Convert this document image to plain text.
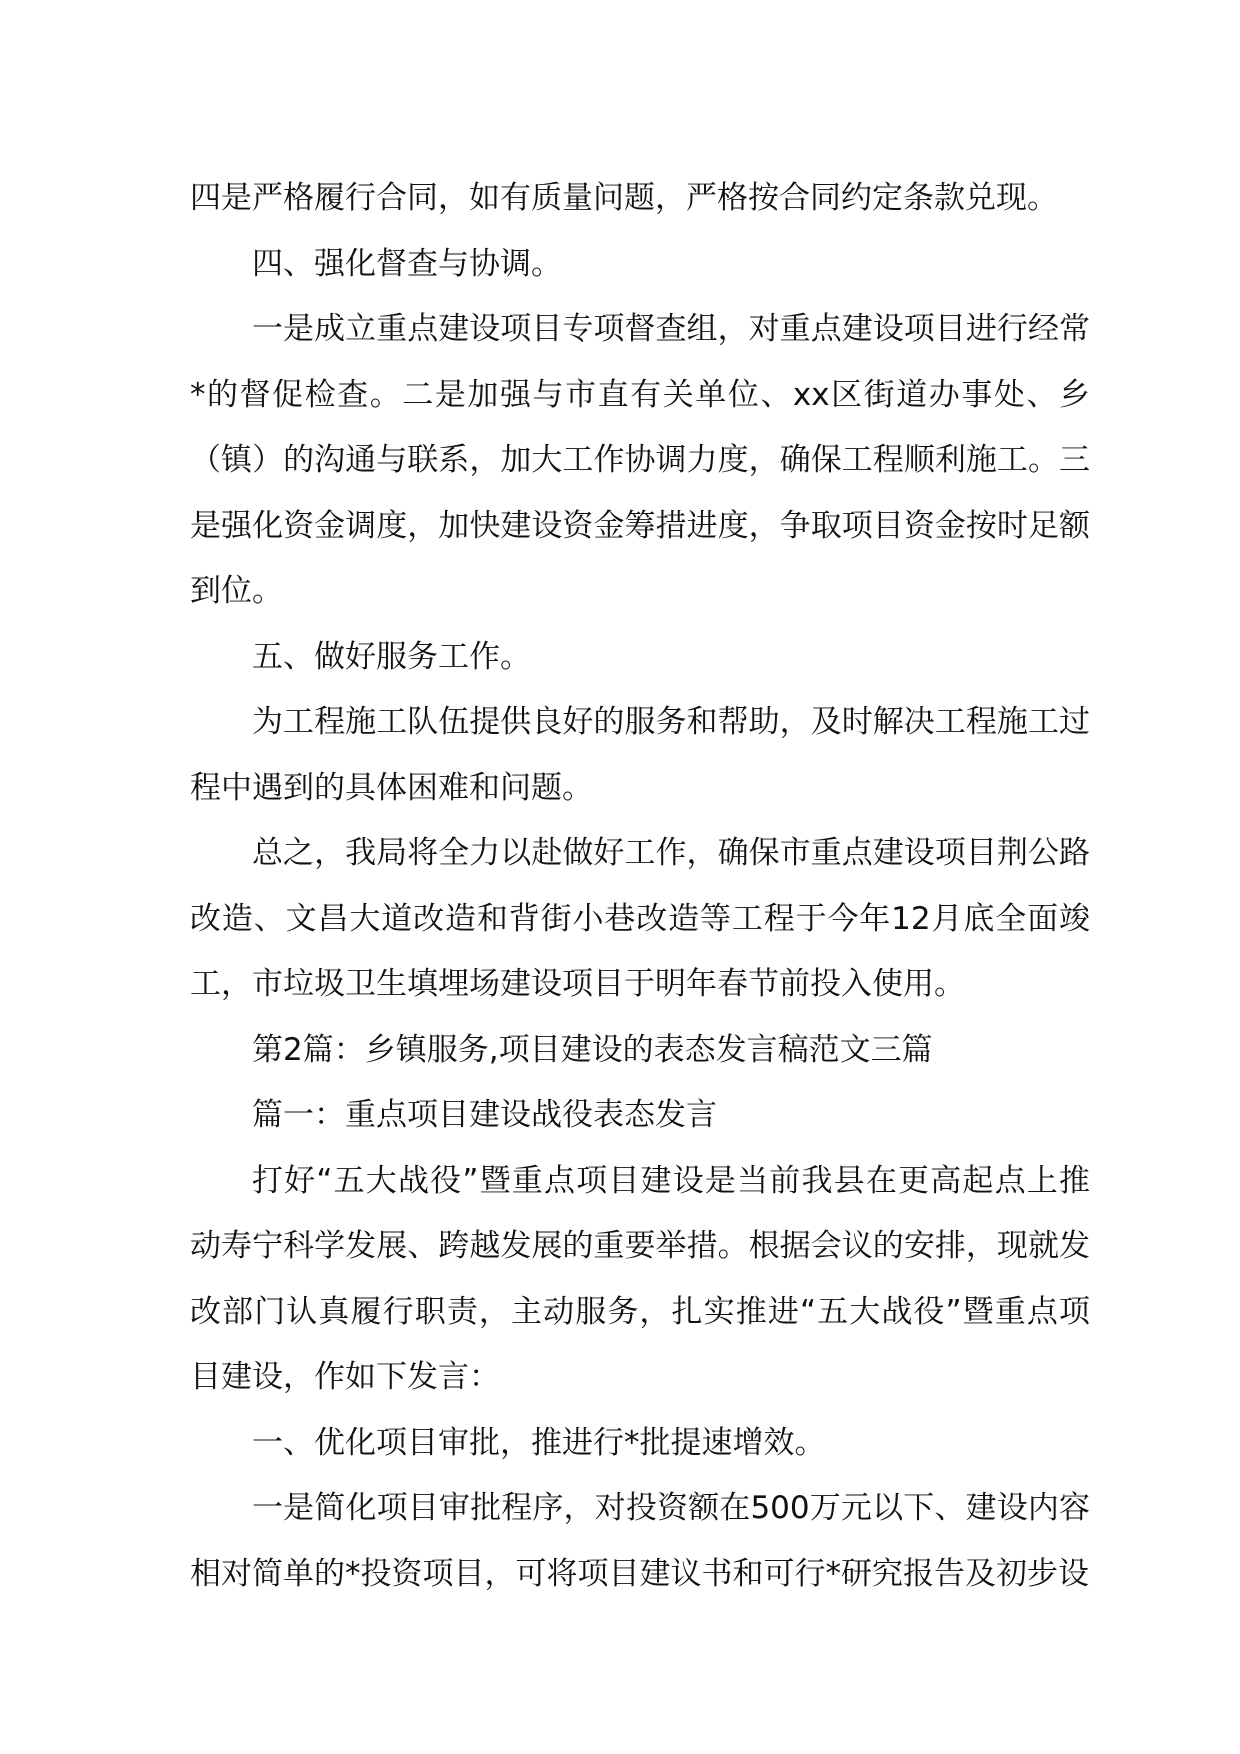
四是严格履行合同，如有质量问题，严格按合同约定条款兑现。

四、强化督查与协调。

一是成立重点建设项目专项督查组，对重点建设项目进行经常*的督促检查。二是加强与市直有关单位、xx区街道办事处、乡（镇）的沟通与联系，加大工作协调力度，确保工程顺利施工。三是强化资金调度，加快建设资金筹措进度，争取项目资金按时足额到位。

五、做好服务工作。

为工程施工队伍提供良好的服务和帮助，及时解决工程施工过程中遇到的具体困难和问题。

总之，我局将全力以赴做好工作，确保市重点建设项目荆公路改造、文昌大道改造和背街小巷改造等工程于今年12月底全面竣工，市垃圾卫生填埋场建设项目于明年春节前投入使用。

第2篇：乡镇服务,项目建设的表态发言稿范文三篇

篇一：重点项目建设战役表态发言

打好“五大战役”暨重点项目建设是当前我县在更高起点上推动寿宁科学发展、跨越发展的重要举措。根据会议的安排，现就发改部门认真履行职责，主动服务，扎实推进“五大战役”暨重点项目建设，作如下发言：

一、优化项目审批，推进行*批提速增效。

一是简化项目审批程序，对投资额在500万元以下、建设内容相对简单的*投资项目，可将项目建议书和可行*研究报告及初步设
